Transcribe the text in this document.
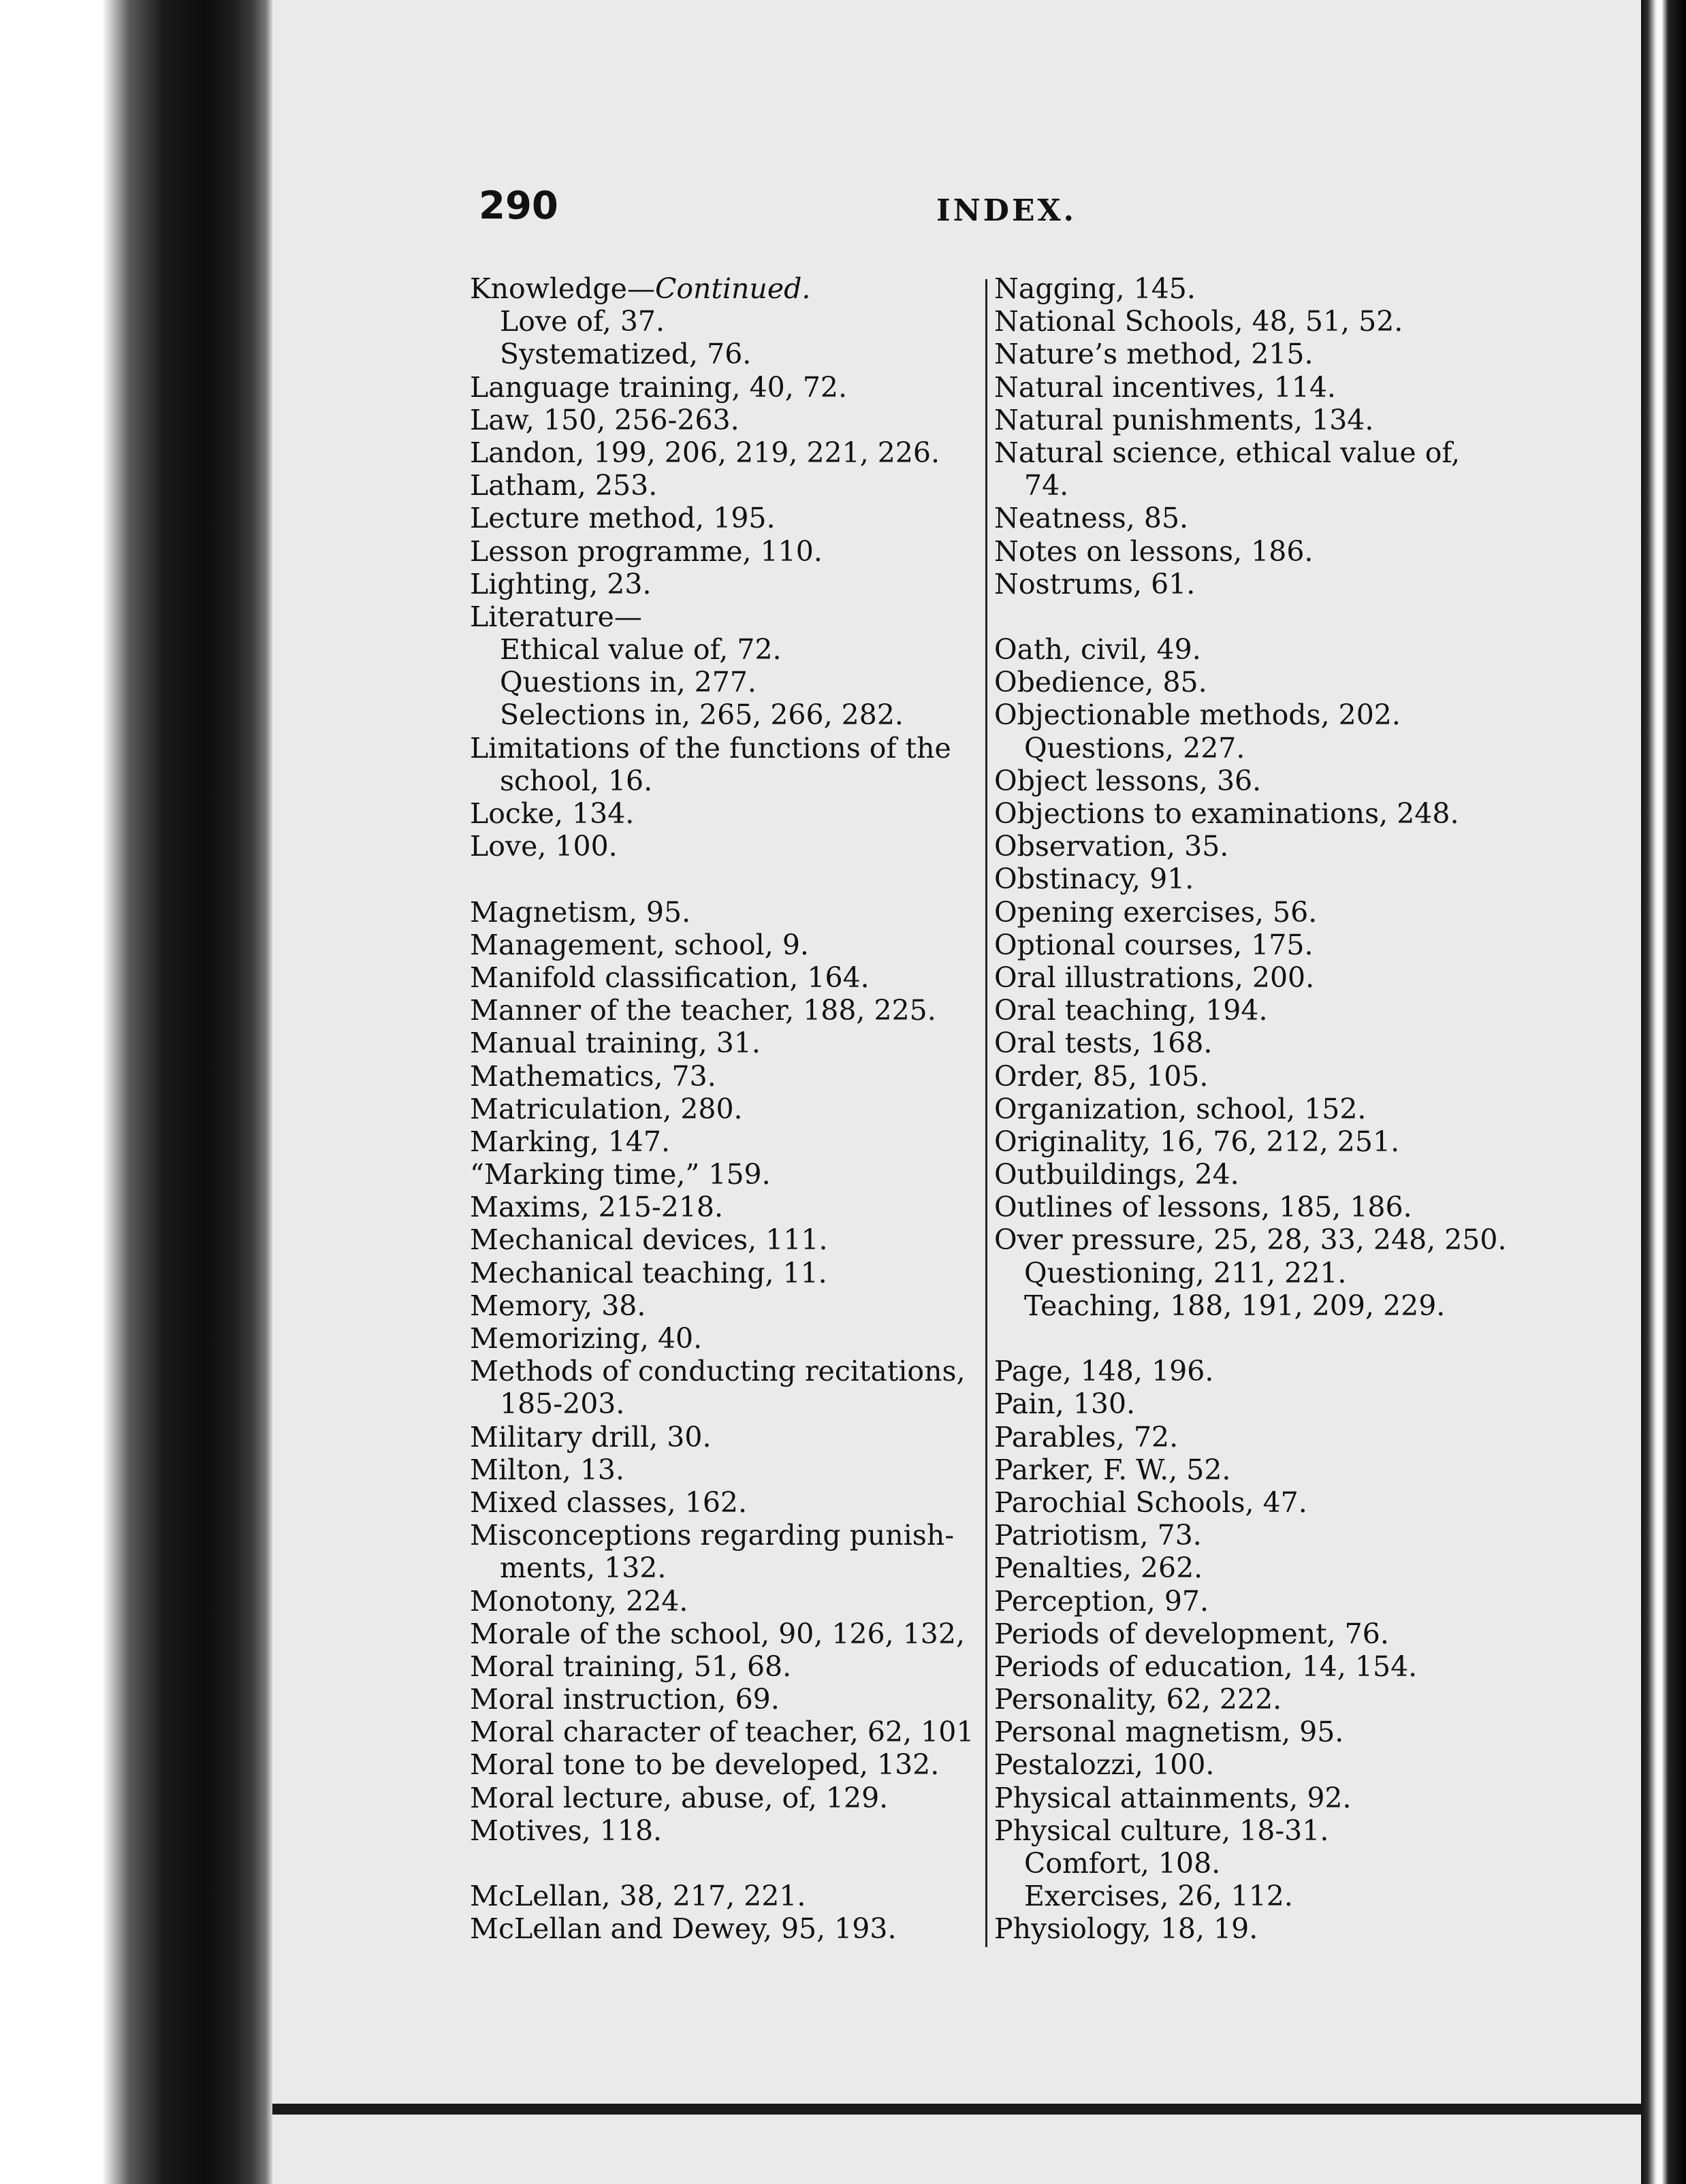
290	INDEX.
Knowledge—Continued.
Love of, 37.
Systematized, 76.
Language training, 40, 72.
Law, 150, 256-263.
Landon, 199, 206, 219, 221, 226.
Latham, 253.
Lecture method, 195.
Lesson programme, 110.
Lighting, 23.
Literature—
Ethical value of, 72.
Questions in, 277.
Selections in, 265, 266, 282.
Limitations of the functions of the
school, 16.
Locke, 134.
Love, 100.
Magnetism, 95.
Management, school, 9.
Manifold classification, 164.
Manner of the teacher, 188, 225.
Manual training, 31.
Mathematics, 73.
Matriculation, 280.
Marking, 147.
“Marking time,” 159.
Maxims, 215-218.
Mechanical devices, 111.
Mechanical teaching, 11.
Memory, 38.
Memorizing, 40.
Methods of conducting recitations,
185-203.
Military drill, 30.
Milton, 13.
Mixed classes, 162.
Misconceptions regarding punish-
ments, 132.
Monotony, 224.
Morale of the school, 90, 126, 132,
Moral training, 51, 68.
Moral instruction, 69.
Moral character of teacher, 62, 101
Moral tone to be developed, 132.
Moral lecture, abuse, of, 129.
Motives, 118.
McLellan, 38, 217, 221.
McLellan and Dewey, 95, 193.
Nagging, 145.
National Schools, 48, 51, 52.
Nature’s method, 215.
Natural incentives, 114.
Natural punishments, 134.
Natural science, ethical value of,
74.
Neatness, 85.
Notes on lessons, 186.
Nostrums, 61.
Oath, civil, 49.
Obedience, 85.
Objectionable methods, 202.
Questions, 227.
Object lessons, 36.
Objections to examinations, 248.
Observation, 35.
Obstinacy, 91.
Opening exercises, 56.
Optional courses, 175.
Oral illustrations, 200.
Oral teaching, 194.
Oral tests, 168.
Order, 85, 105.
Organization, school, 152.
Originality, 16, 76, 212, 251.
Outbuildings, 24.
Outlines of lessons, 185, 186.
Over pressure, 25, 28, 33, 248, 250.
Questioning, 211, 221.
Teaching, 188, 191, 209, 229.
Page, 148, 196.
Pain, 130.
Parables, 72.
Parker, F. W., 52.
Parochial Schools, 47.
Patriotism, 73.
Penalties, 262.
Perception, 97.
Periods of development, 76.
Periods of education, 14, 154.
Personality, 62, 222.
Personal magnetism, 95.
Pestalozzi, 100.
Physical attainments, 92.
Physical culture, 18-31.
Comfort, 108.
Exercises, 26, 112.
Physiology, 18, 19.
